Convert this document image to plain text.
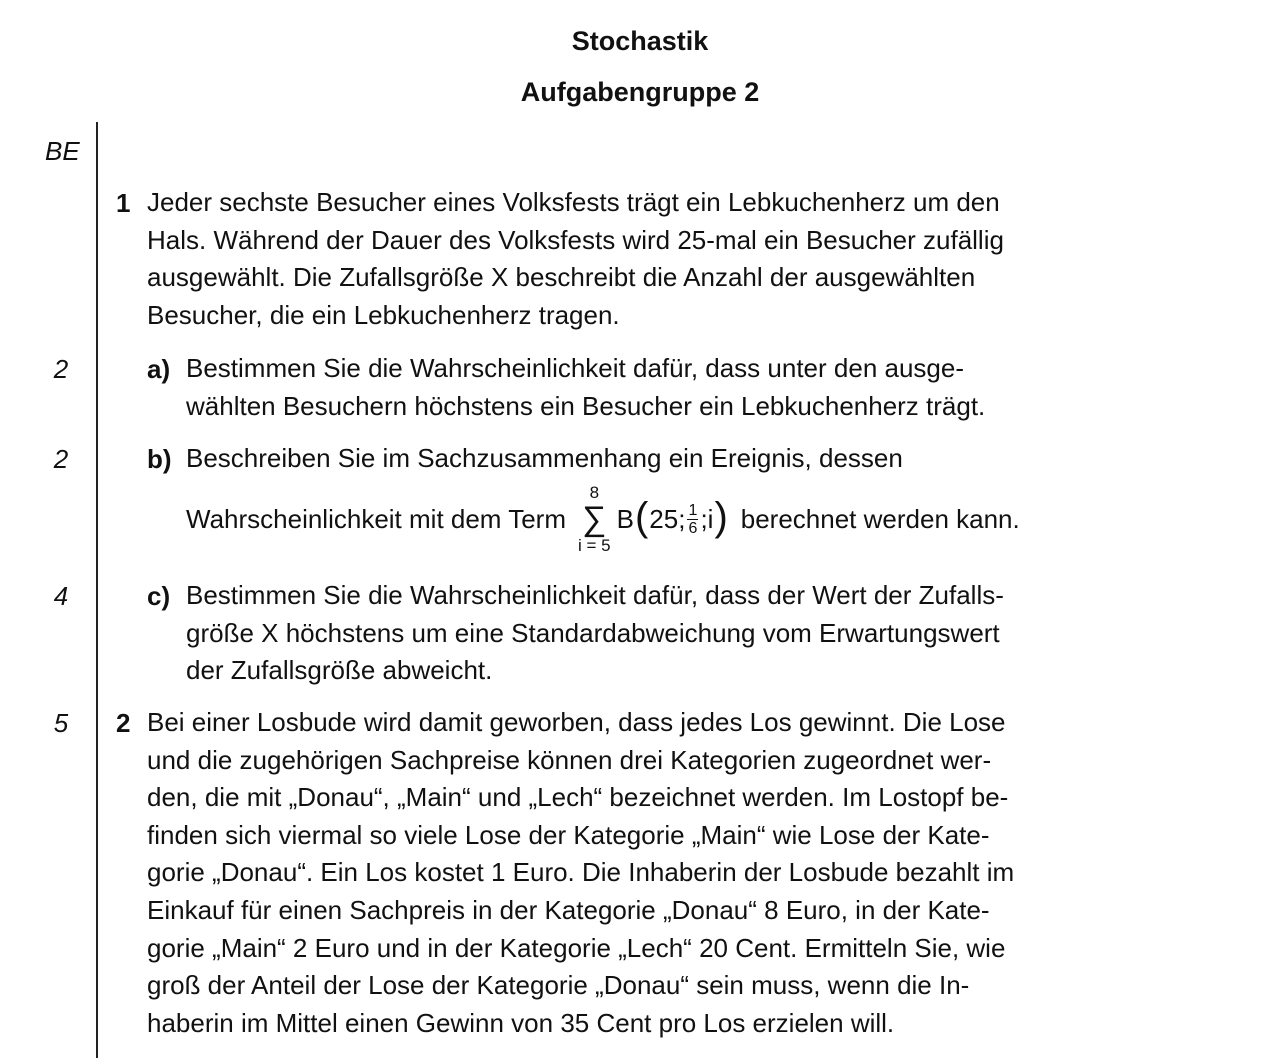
Stochastik
Aufgabengruppe 2
BE
1 Jeder sechste Besucher eines Volksfests trägt ein Lebkuchenherz um den
Hals. Während der Dauer des Volksfests wird 25-mal ein Besucher zufällig
ausgewählt. Die Zufallsgröße X beschreibt die Anzahl der ausgewählten
Besucher, die ein Lebkuchenherz tragen.
2	a) Bestimmen Sie die Wahrscheinlichkeit dafür, dass unter den ausge-
wählten Besuchern höchstens ein Besucher ein Lebkuchenherz trägt.
2	b) Beschreiben Sie im Sachzusammenhang ein Ereignis, dessen
Wahrscheinlichkeit mit dem Term
8
∑
i = 5
B ( 25; $\frac{1}{6}$ ;i ) berechnet werden kann.
4	c) Bestimmen Sie die Wahrscheinlichkeit dafür, dass der Wert der Zufalls-
größe X höchstens um eine Standardabweichung vom Erwartungswert
der Zufallsgröße abweicht.
5 2 Bei einer Losbude wird damit geworben, dass jedes Los gewinnt. Die Lose
und die zugehörigen Sachpreise können drei Kategorien zugeordnet wer-
den, die mit „Donau“, „Main“ und „Lech“ bezeichnet werden. Im Lostopf be-
finden sich viermal so viele Lose der Kategorie „Main“ wie Lose der Kate-
gorie „Donau“. Ein Los kostet 1 Euro. Die Inhaberin der Losbude bezahlt im
Einkauf für einen Sachpreis in der Kategorie „Donau“ 8 Euro, in der Kate-
gorie „Main“ 2 Euro und in der Kategorie „Lech“ 20 Cent. Ermitteln Sie, wie
groß der Anteil der Lose der Kategorie „Donau“ sein muss, wenn die In-
haberin im Mittel einen Gewinn von 35 Cent pro Los erzielen will.
